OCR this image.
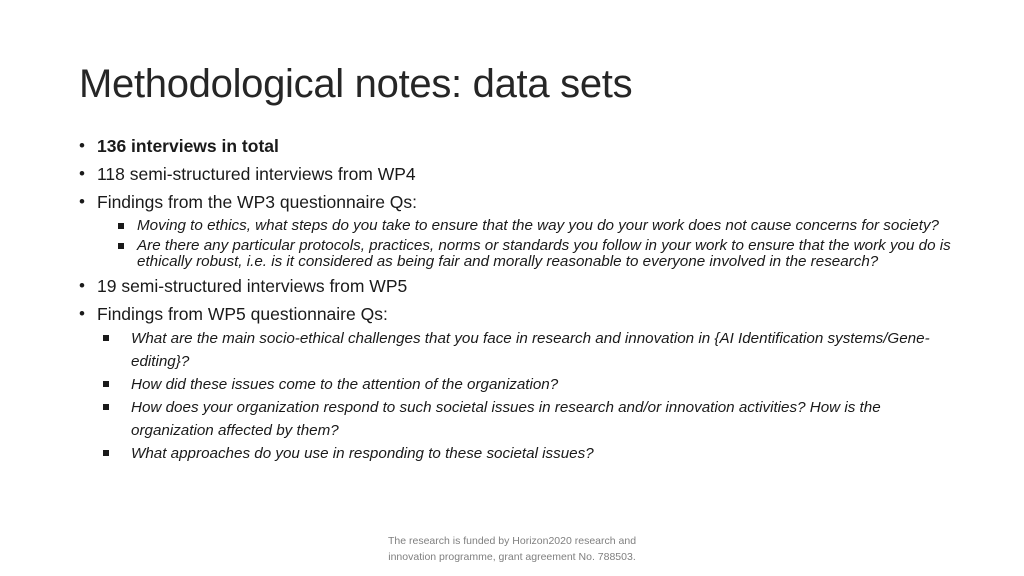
Methodological notes: data sets
• 136 interviews in total
• 118 semi-structured interviews from WP4
• Findings from the WP3 questionnaire Qs:
Moving to ethics, what steps do you take to ensure that the way you do your work does not cause concerns for society?
Are there any particular protocols, practices, norms or standards you follow in your work to ensure that the work you do is ethically robust, i.e. is it considered as being fair and morally reasonable to everyone involved in the research?
• 19 semi-structured interviews from WP5
• Findings from WP5 questionnaire Qs:
What are the main socio-ethical challenges that you face in research and innovation in {AI Identification systems/Gene-editing}?
How did these issues come to the attention of the organization?
How does your organization respond to such societal issues in research and/or innovation activities? How is the organization affected by them?
What approaches do you use in responding to these societal issues?
The research is funded by Horizon2020 research and
innovation programme, grant agreement No. 788503.
